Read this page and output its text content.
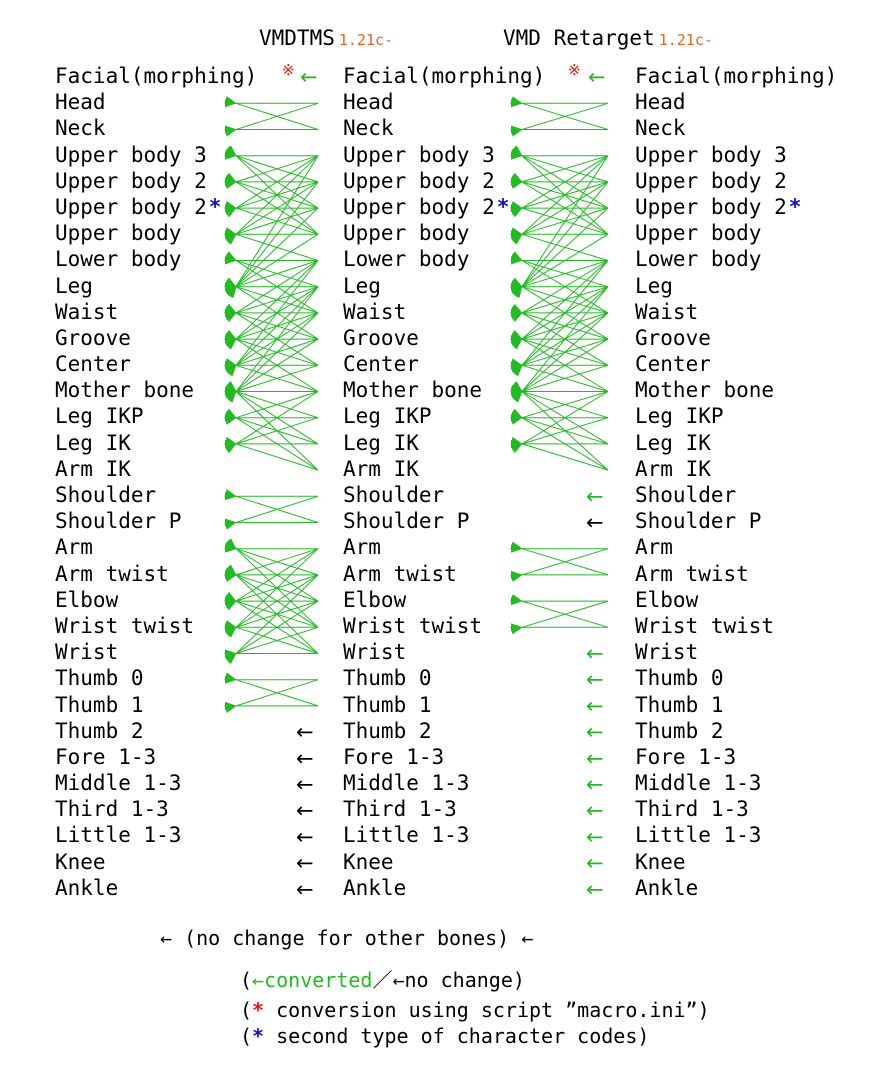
VMDTMS 1.21c-	VMD Retarget 1.21c-
Facial(morphing)
Head
Neck
Upper body 3
Upper body 2
Upper body 2*
Upper body
Lower body
Leg
Waist
Groove
Center
Mother bone
Leg IKP
Leg IK
Arm IK
Shoulder
Shoulder P
Arm
Arm twist
Elbow
Wrist twist
Wrist
Thumb 0
Thumb 1
Thumb 2
Fore 1-3
Middle 1-3
Third 1-3
Little 1-3
Knee
Ankle
Facial(morphing)
Head
Neck
Upper body 3
Upper body 2
Upper body 2*
Upper body
Lower body
Leg
Waist
Groove
Center
Mother bone
Leg IKP
Leg IK
Arm IK
Shoulder
Shoulder P
Arm
Arm twist
Elbow
Wrist twist
Wrist
Thumb 0
Thumb 1
Thumb 2
Fore 1-3
Middle 1-3
Third 1-3
Little 1-3
Knee
Ankle
Facial(morphing)
Head
Neck
Upper body 3
Upper body 2
Upper body 2*
Upper body
Lower body
Leg
Waist
Groove
Center
Mother bone
Leg IKP
Leg IK
Arm IK
Shoulder
Shoulder P
Arm
Arm twist
Elbow
Wrist twist
Wrist
Thumb 0
Thumb 1
Thumb 2
Fore 1-3
Middle 1-3
Third 1-3
Little 1-3
Knee
Ankle
※ ←	※ ←
←
←
←
←
←
←
←
←
←
←
←
←
←
←
←
←
←
←
←
← (no change for other bones) ←
(←converted／←no change)
(* conversion using script ˮmacro.iniˮ)
(* second type of character codes)
